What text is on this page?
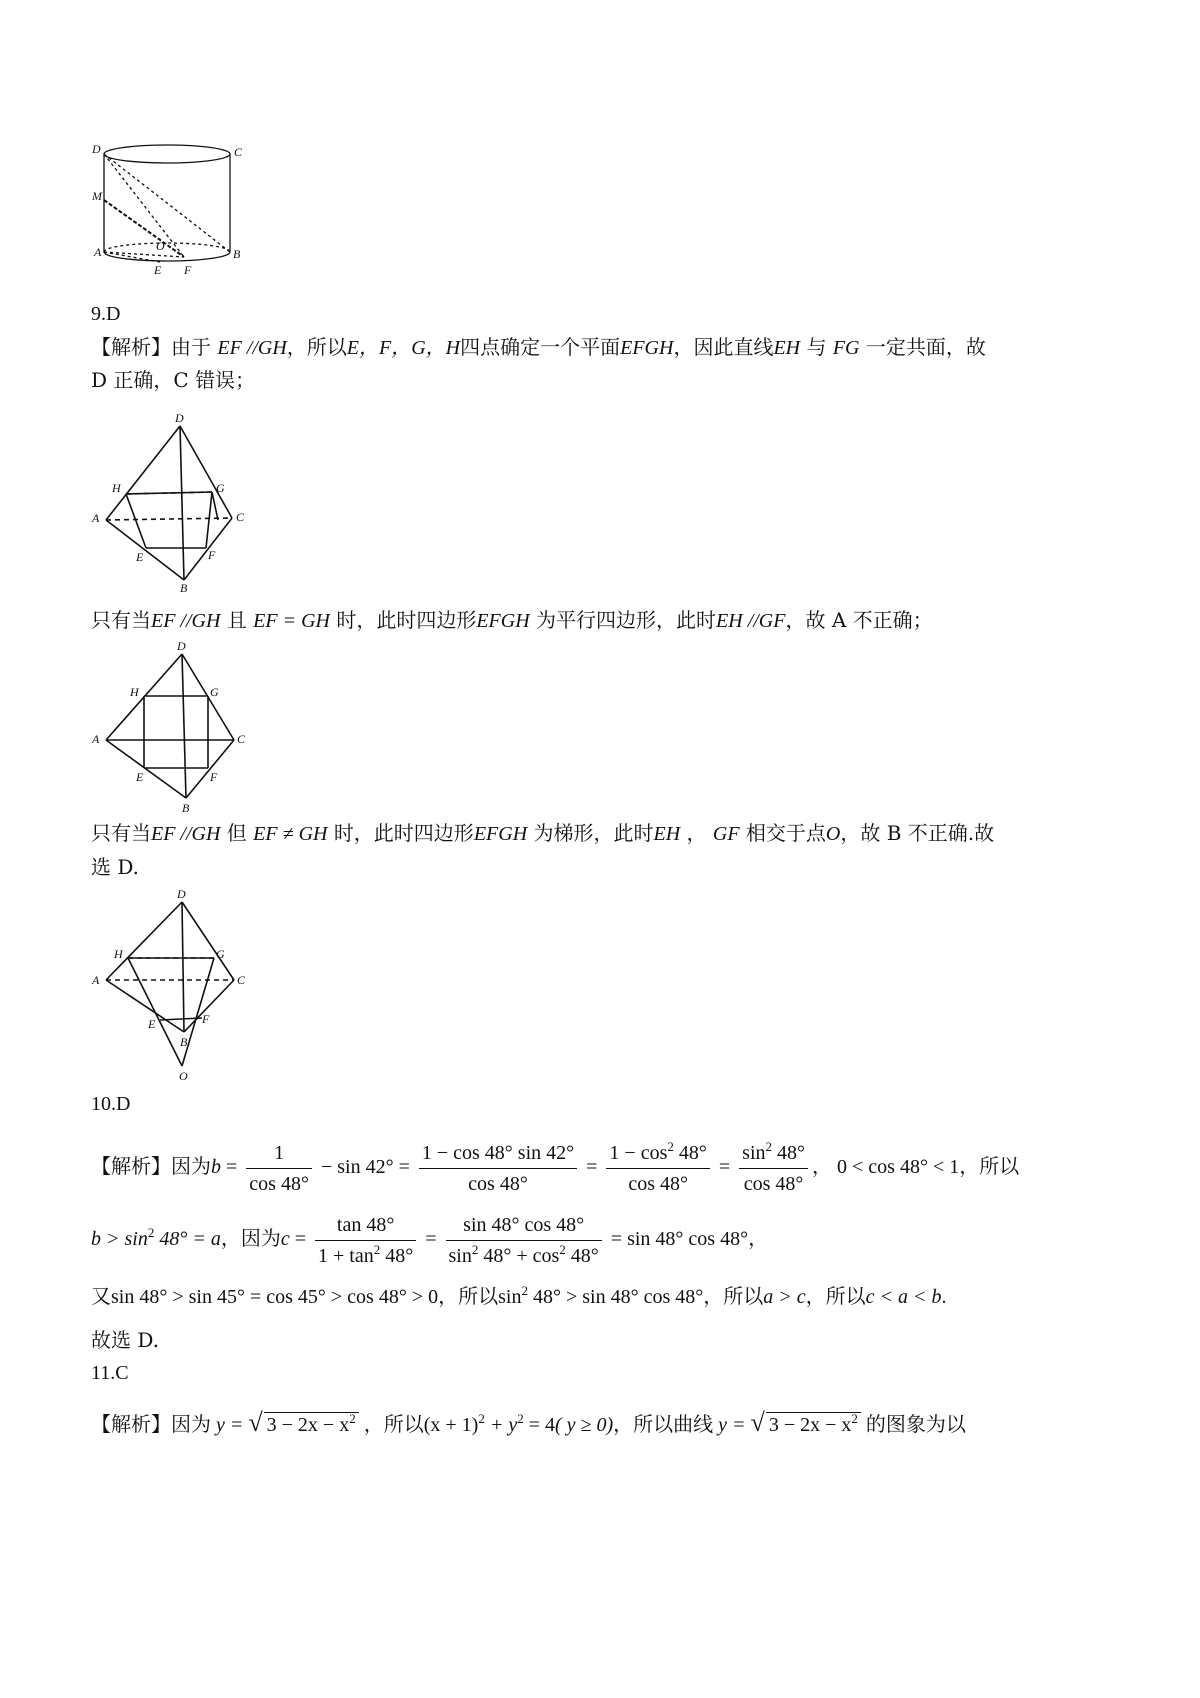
D	C
M
A	B
O
E F
9.D
【解析】由于 EF //GH，所以E，F，G，H四点确定一个平面EFGH，因此直线EH 与 FG 一定共面，故
D 正确，C 错误；
D
H	G
A	C
E	F
B
只有当EF //GH 且 EF = GH 时，此时四边形EFGH 为平行四边形，此时EH //GF，故 A 不正确；
D
H	G
A	C
E	F
B
只有当EF //GH 但 EF ≠ GH 时，此时四边形EFGH 为梯形，此时EH ， GF 相交于点O，故 B 不正确.故
选 D.
D
H	G
A	C
E	F
B
O
10.D
【解析】因为$b = \frac{1}{\cos 48^\circ} - \sin 42^\circ = \frac{1 - \cos 48^\circ \sin 42^\circ}{\cos 48^\circ} = \frac{1 - \cos^2 48^\circ}{\cos 48^\circ} = \frac{\sin^2 48^\circ}{\cos 48^\circ}$ ， 0 < cos 48° < 1，所以
$b > \sin^2 48^\circ = a$，因为$c = \frac{\tan 48^\circ}{1 + \tan^2 48^\circ} = \frac{\sin 48^\circ \cos 48^\circ}{\sin^2 48^\circ + \cos^2 48^\circ} = \sin 48^\circ$ cos 48°，
又sin 48° > sin 45° = cos 45° > cos 48° > 0，所以$\sin^2 48^\circ > \sin 48^\circ$ cos 48°，所以a > c，所以c < a < b.
故选 D.
11.C
【解析】因为 y = √ $3 - 2x - x^2$ ，所以$(x + 1)^2 + y^2 = 4$( y ≥ 0)，所以曲线 y = √ $3 - 2x - x^2$ 的图象为以
